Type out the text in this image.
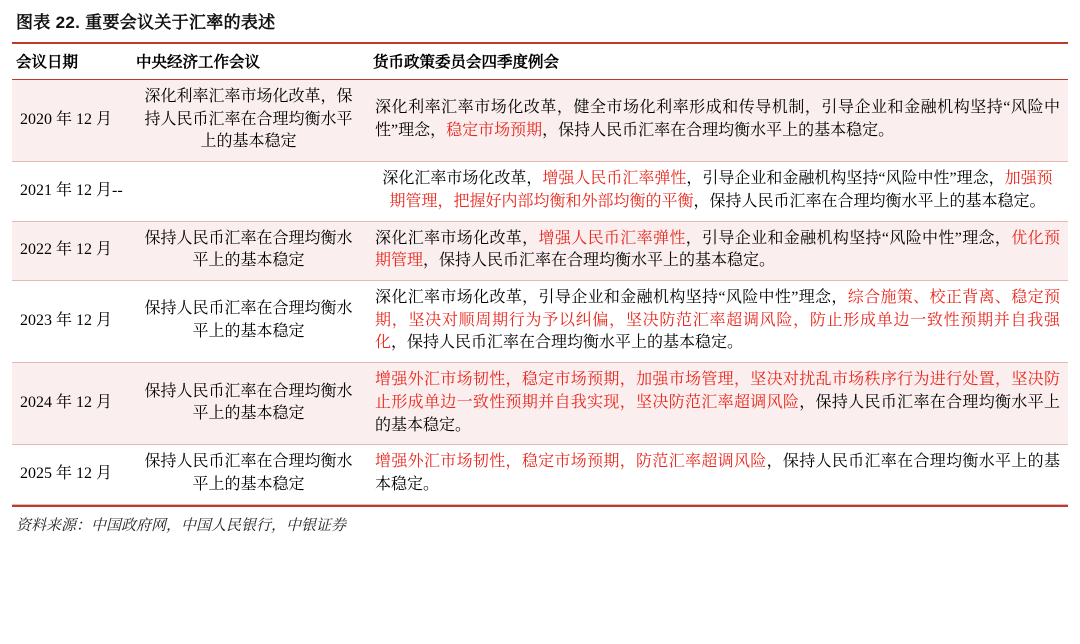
图表 22. 重要会议关于汇率的表述
会议日期	中央经济工作会议	货币政策委员会四季度例会
2020 年 12 月	深化利率汇率市场化改革，保持人民币汇率在合理均衡水平上的基本稳定	深化利率汇率市场化改革，健全市场化利率形成和传导机制，引导企业和金融机构坚持“风险中性”理念，稳定市场预期，保持人民币汇率在合理均衡水平上的基本稳定。
2021 年 12 月--		深化汇率市场化改革，增强人民币汇率弹性，引导企业和金融机构坚持“风险中性”理念，加强预期管理，把握好内部均衡和外部均衡的平衡，保持人民币汇率在合理均衡水平上的基本稳定。
2022 年 12 月	保持人民币汇率在合理均衡水平上的基本稳定	深化汇率市场化改革，增强人民币汇率弹性，引导企业和金融机构坚持“风险中性”理念，优化预期管理，保持人民币汇率在合理均衡水平上的基本稳定。
2023 年 12 月	保持人民币汇率在合理均衡水平上的基本稳定	深化汇率市场化改革，引导企业和金融机构坚持“风险中性”理念，综合施策、校正背离、稳定预期，坚决对顺周期行为予以纠偏，坚决防范汇率超调风险，防止形成单边一致性预期并自我强化，保持人民币汇率在合理均衡水平上的基本稳定。
2024 年 12 月	保持人民币汇率在合理均衡水平上的基本稳定	增强外汇市场韧性，稳定市场预期，加强市场管理，坚决对扰乱市场秩序行为进行处置，坚决防止形成单边一致性预期并自我实现，坚决防范汇率超调风险，保持人民币汇率在合理均衡水平上的基本稳定。
2025 年 12 月	保持人民币汇率在合理均衡水平上的基本稳定	增强外汇市场韧性，稳定市场预期，防范汇率超调风险，保持人民币汇率在合理均衡水平上的基本稳定。
资料来源：中国政府网，中国人民银行，中银证券
